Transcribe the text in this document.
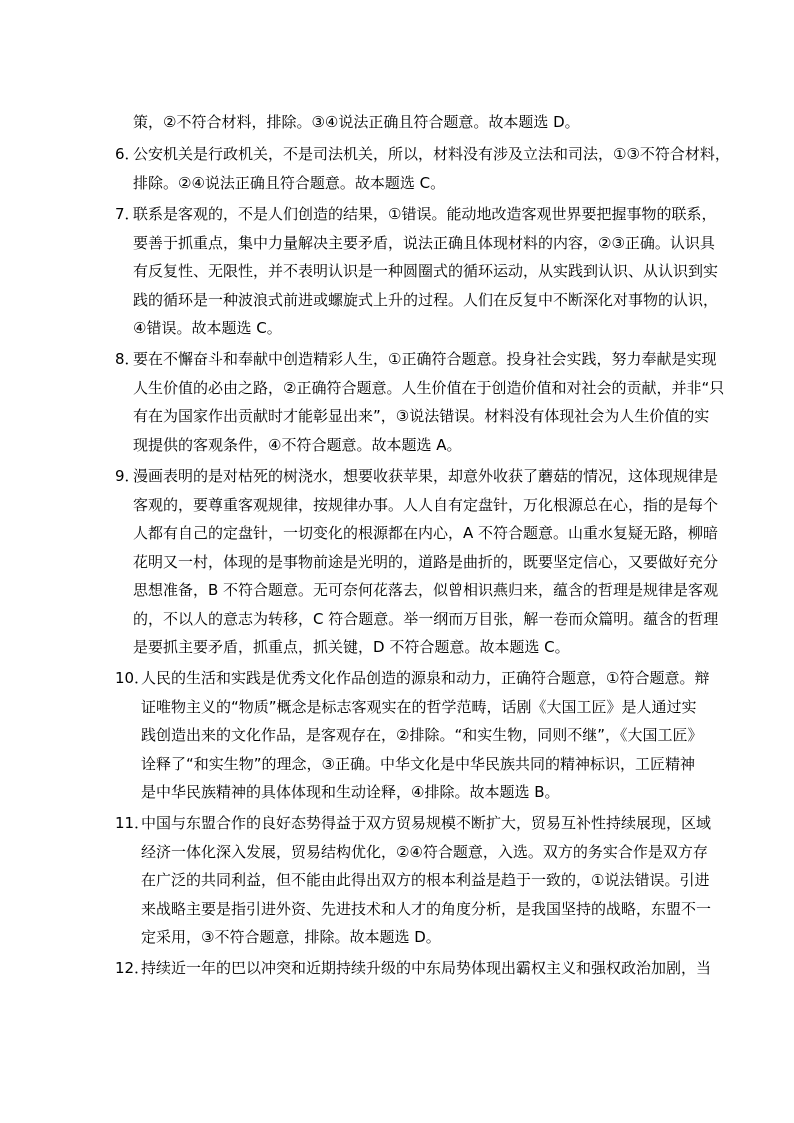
策，②不符合材料，排除。③④说法正确且符合题意。故本题选 D。
6．
公安机关是行政机关，不是司法机关，所以，材料没有涉及立法和司法，①③不符合材料，
排除。②④说法正确且符合题意。故本题选 C。
7．
联系是客观的，不是人们创造的结果，①错误。能动地改造客观世界要把握事物的联系，
要善于抓重点，集中力量解决主要矛盾，说法正确且体现材料的内容，②③正确。认识具
有反复性、无限性，并不表明认识是一种圆圈式的循环运动，从实践到认识、从认识到实
践的循环是一种波浪式前进或螺旋式上升的过程。人们在反复中不断深化对事物的认识，
④错误。故本题选 C。
8．
要在不懈奋斗和奉献中创造精彩人生，①正确符合题意。投身社会实践，努力奉献是实现
人生价值的必由之路，②正确符合题意。人生价值在于创造价值和对社会的贡献，并非“只
有在为国家作出贡献时才能彰显出来”，③说法错误。材料没有体现社会为人生价值的实
现提供的客观条件，④不符合题意。故本题选 A。
9．
漫画表明的是对枯死的树浇水，想要收获苹果，却意外收获了蘑菇的情况，这体现规律是
客观的，要尊重客观规律，按规律办事。人人自有定盘针，万化根源总在心，指的是每个
人都有自己的定盘针，一切变化的根源都在内心，A 不符合题意。山重水复疑无路，柳暗
花明又一村，体现的是事物前途是光明的，道路是曲折的，既要坚定信心，又要做好充分
思想准备，B 不符合题意。无可奈何花落去，似曾相识燕归来，蕴含的哲理是规律是客观
的，不以人的意志为转移，C 符合题意。举一纲而万目张，解一卷而众篇明。蕴含的哲理
是要抓主要矛盾，抓重点，抓关键，D 不符合题意。故本题选 C。
10．
人民的生活和实践是优秀文化作品创造的源泉和动力，正确符合题意，①符合题意。辩
证唯物主义的“物质”概念是标志客观实在的哲学范畴，话剧《大国工匠》是人通过实
践创造出来的文化作品，是客观存在，②排除。“和实生物，同则不继”，《大国工匠》
诠释了“和实生物”的理念，③正确。中华文化是中华民族共同的精神标识，工匠精神
是中华民族精神的具体体现和生动诠释，④排除。故本题选 B。
11．
中国与东盟合作的良好态势得益于双方贸易规模不断扩大，贸易互补性持续展现，区域
经济一体化深入发展，贸易结构优化，②④符合题意，入选。双方的务实合作是双方存
在广泛的共同利益，但不能由此得出双方的根本利益是趋于一致的，①说法错误。引进
来战略主要是指引进外资、先进技术和人才的角度分析，是我国坚持的战略，东盟不一
定采用，③不符合题意，排除。故本题选 D。
12．
持续近一年的巴以冲突和近期持续升级的中东局势体现出霸权主义和强权政治加剧，当
